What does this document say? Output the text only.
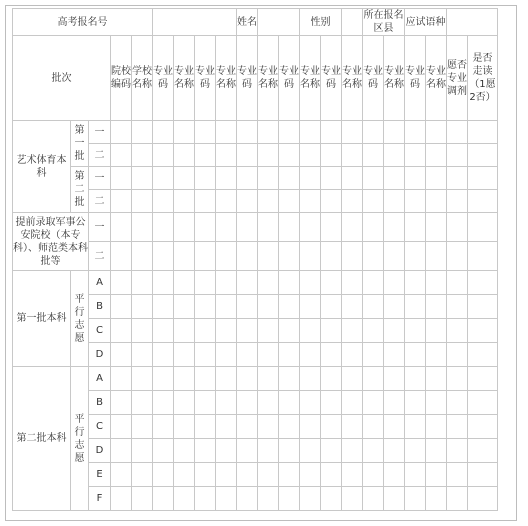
高考报名号									姓名			性别			所在报名区县		应试语种			
批次			院校编码	学校名称	专业码	专业名称	专业码	专业名称	专业码	专业名称	专业码	专业名称	专业码	专业名称	专业码	专业名称	专业码	专业名称	愿否专业调剂	是否走读（1愿2否）
艺术体育本科	第一批	一																		
		二																		
	第二批	一																		
		二																		
提前录取军事公安院校（本专科）、师范类本科批等		一																		
		二																		
第一批本科	平行志愿	A																		
		B																		
		C																		
		D																		
第二批本科	平行志愿	A																		
		B																		
		C																		
		D																		
		E																		
		F																		
